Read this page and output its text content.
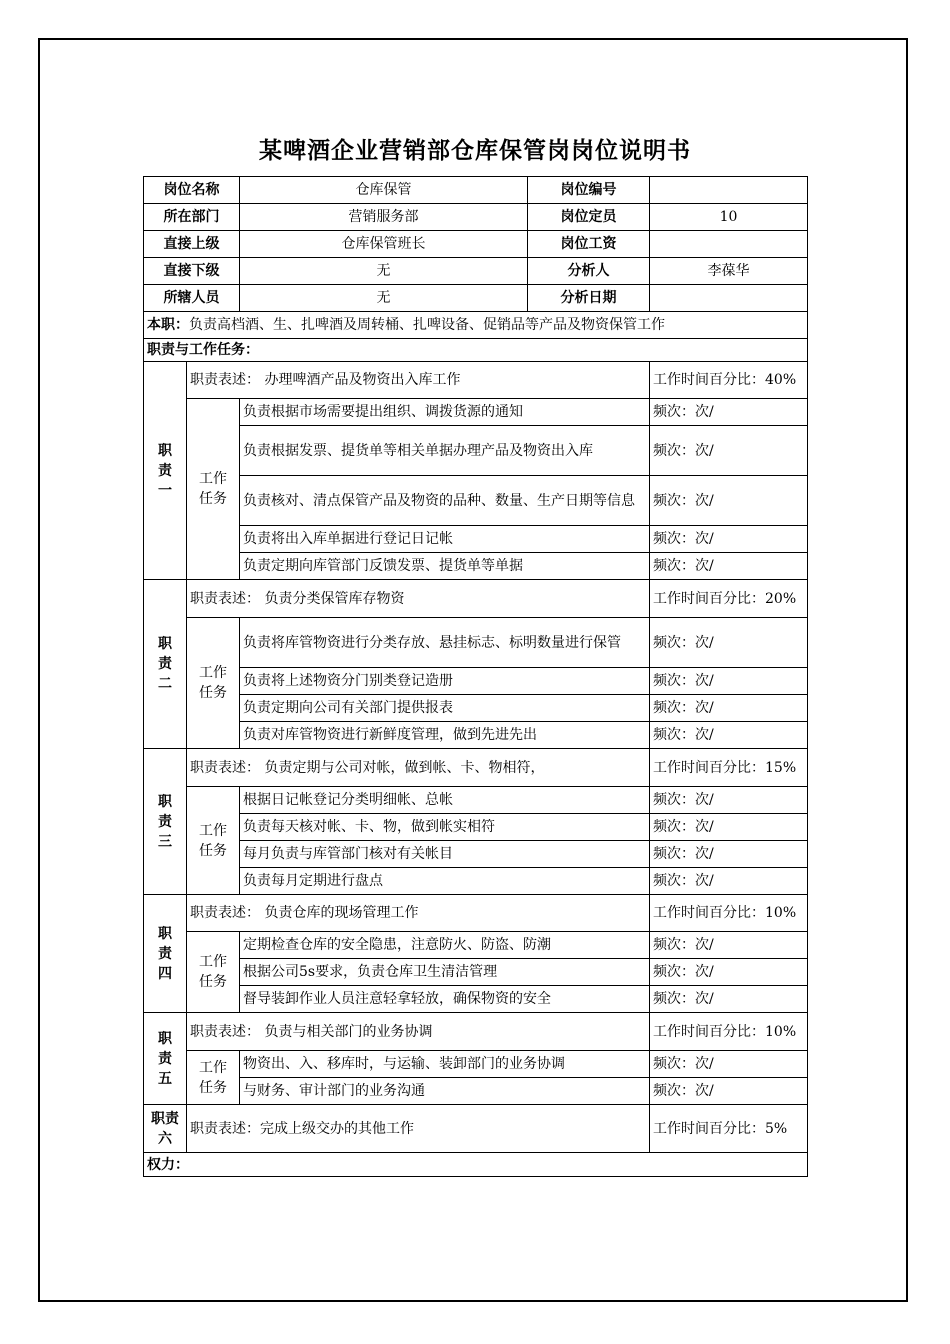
某啤酒企业营销部仓库保管岗岗位说明书
岗位名称		仓库保管	岗位编号	
所在部门		营销服务部	岗位定员	10
直接上级		仓库保管班长	岗位工资	
直接下级		无	分析人	李葆华
所辖人员		无	分析日期	
本职：负责高档酒、生、扎啤酒及周转桶、扎啤设备、促销品等产品及物资保管工作				
职责与工作任务：				
职责一	职责表述： 办理啤酒产品及物资出入库工作			工作时间百分比：40%
	工作任务	负责根据市场需要提出组织、调拨货源的通知		频次：次/
		负责根据发票、提货单等相关单据办理产品及物资出入库		频次：次/
		负责核对、清点保管产品及物资的品种、数量、生产日期等信息		频次：次/
		负责将出入库单据进行登记日记帐		频次：次/
		负责定期向库管部门反馈发票、提货单等单据		频次：次/
职责二	职责表述： 负责分类保管库存物资			工作时间百分比：20%
	工作任务	负责将库管物资进行分类存放、悬挂标志、标明数量进行保管		频次：次/
		负责将上述物资分门别类登记造册		频次：次/
		负责定期向公司有关部门提供报表		频次：次/
		负责对库管物资进行新鲜度管理，做到先进先出		频次：次/
职责三	职责表述： 负责定期与公司对帐，做到帐、卡、物相符，			工作时间百分比：15%
	工作任务	根据日记帐登记分类明细帐、总帐		频次：次/
		负责每天核对帐、卡、物，做到帐实相符		频次：次/
		每月负责与库管部门核对有关帐目		频次：次/
		负责每月定期进行盘点		频次：次/
职责四	职责表述： 负责仓库的现场管理工作			工作时间百分比：10%
	工作任务	定期检查仓库的安全隐患，注意防火、防盗、防潮		频次：次/
		根据公司5s要求，负责仓库卫生清洁管理		频次：次/
		督导装卸作业人员注意轻拿轻放，确保物资的安全		频次：次/
职责五	职责表述： 负责与相关部门的业务协调			工作时间百分比：10%
	工作任务	物资出、入、移库时，与运输、装卸部门的业务协调		频次：次/
		与财务、审计部门的业务沟通		频次：次/
职责六	职责表述：完成上级交办的其他工作			工作时间百分比：5%
权力：				
